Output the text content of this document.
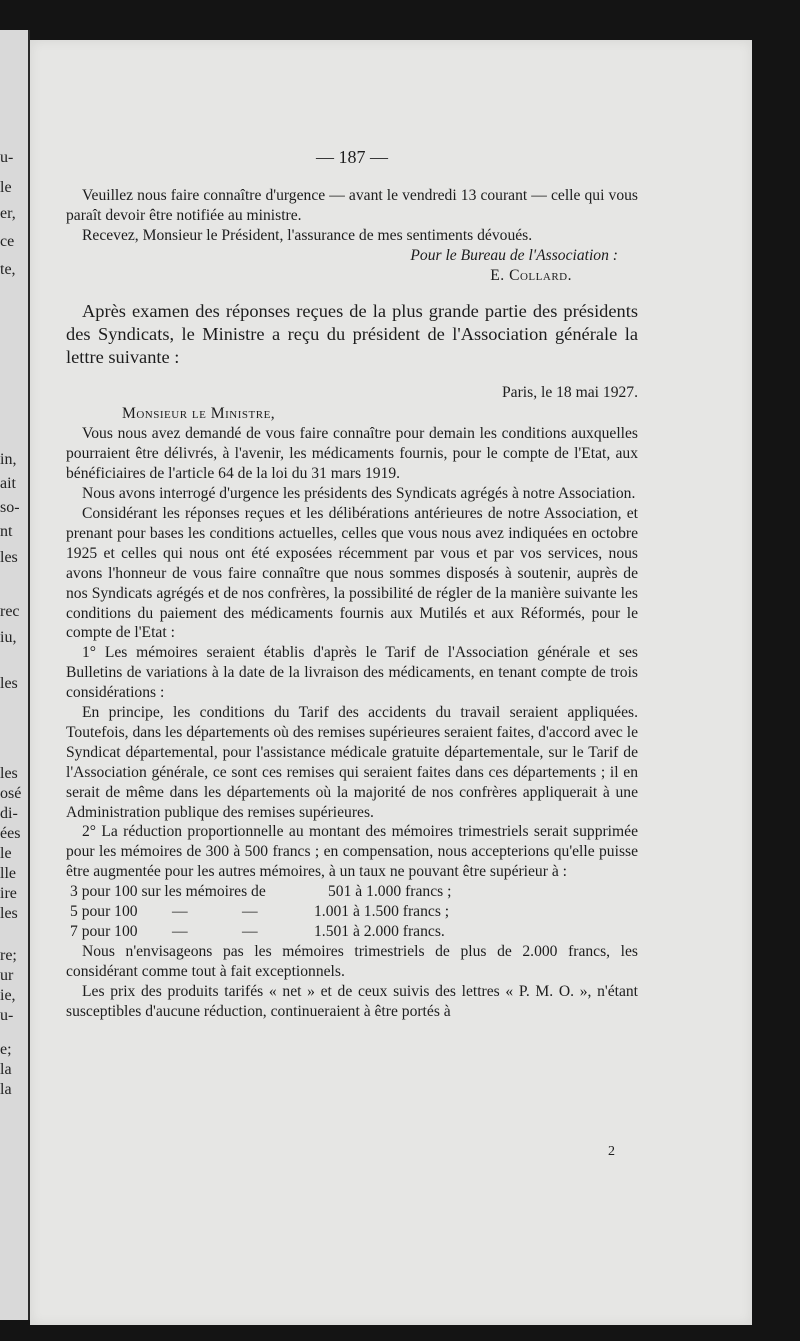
u-
le
er,
ce
te,
in,
ait
so-
nt
les
rec
iu,
les
les
osé
di-
ées
le
lle
ire
les
re;
ur
ie,
u-
e;
la
la
— 187 —

Veuillez nous faire connaître d'urgence — avant le vendredi 13 courant — celle qui vous paraît devoir être notifiée au ministre.

Recevez, Monsieur le Président, l'assurance de mes sentiments dévoués.

Pour le Bureau de l'Association :

E. Collard.

Après examen des réponses reçues de la plus grande partie des présidents des Syndicats, le Ministre a reçu du président de l'Association générale la lettre suivante :

Paris, le 18 mai 1927.

Monsieur le Ministre,

Vous nous avez demandé de vous faire connaître pour demain les conditions auxquelles pourraient être délivrés, à l'avenir, les médicaments fournis, pour le compte de l'Etat, aux bénéficiaires de l'article 64 de la loi du 31 mars 1919.

Nous avons interrogé d'urgence les présidents des Syndicats agrégés à notre Association.

Considérant les réponses reçues et les délibérations antérieures de notre Association, et prenant pour bases les conditions actuelles, celles que vous nous avez indiquées en octobre 1925 et celles qui nous ont été exposées récemment par vous et par vos services, nous avons l'honneur de vous faire connaître que nous sommes disposés à soutenir, auprès de nos Syndicats agrégés et de nos confrères, la possibilité de régler de la manière suivante les conditions du paiement des médicaments fournis aux Mutilés et aux Réformés, pour le compte de l'Etat :

1° Les mémoires seraient établis d'après le Tarif de l'Association générale et ses Bulletins de variations à la date de la livraison des médicaments, en tenant compte de trois considérations :

En principe, les conditions du Tarif des accidents du travail seraient appliquées. Toutefois, dans les départements où des remises supérieures seraient faites, d'accord avec le Syndicat départemental, pour l'assistance médicale gratuite départementale, sur le Tarif de l'Association générale, ce sont ces remises qui seraient faites dans ces départements ; il en serait de même dans les départements où la majorité de nos confrères appliquerait à une Administration publique des remises supérieures.

2° La réduction proportionnelle au montant des mémoires trimestriels serait supprimée pour les mémoires de 300 à 500 francs ; en compensation, nous accepterions qu'elle puisse être augmentée pour les autres mémoires, à un taux ne pouvant être supérieur à :

3 pour 100 sur les mémoires de	501 à 1.000 francs ;
5 pour 100	—	—	1.001 à 1.500 francs ;
7 pour 100	—	—	1.501 à 2.000 francs.

Nous n'envisageons pas les mémoires trimestriels de plus de 2.000 francs, les considérant comme tout à fait exceptionnels.

Les prix des produits tarifés « net » et de ceux suivis des lettres « P. M. O. », n'étant susceptibles d'aucune réduction, continueraient à être portés à

2
